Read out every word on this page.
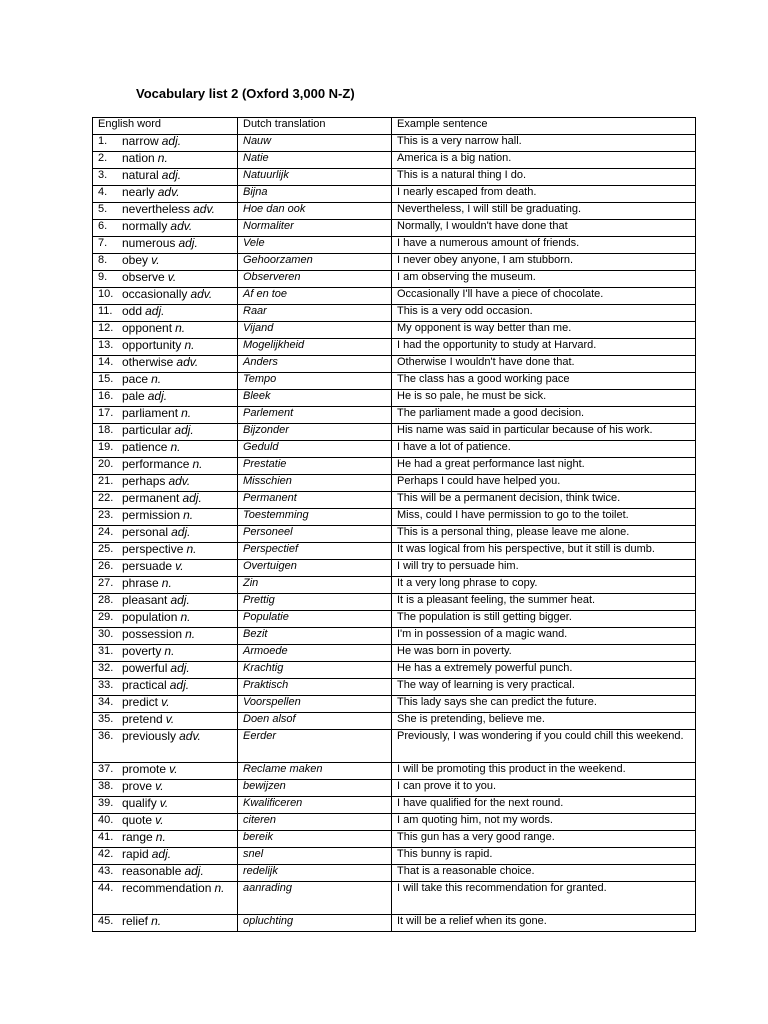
Vocabulary list 2 (Oxford 3,000 N-Z)
English word	Dutch translation	Example sentence

1. narrow adj.	Nauw	This is a very narrow hall.

2. nation n.	Natie	America is a big nation.

3. natural adj.	Natuurlijk	This is a natural thing I do.

4. nearly adv.	Bijna	I nearly escaped from death.

5. nevertheless adv.	Hoe dan ook	Nevertheless, I will still be graduating.

6. normally adv.	Normaliter	Normally, I wouldn't have done that

7. numerous adj.	Vele	I have a numerous amount of friends.

8. obey v.	Gehoorzamen	I never obey anyone, I am stubborn.

9. observe v.	Observeren	I am observing the museum.

10. occasionally adv.	Af en toe	Occasionally I'll have a piece of chocolate.

11. odd adj.	Raar	This is a very odd occasion.

12. opponent n.	Vijand	My opponent is way better than me.

13. opportunity n.	Mogelijkheid	I had the opportunity to study at Harvard.

14. otherwise adv.	Anders	Otherwise I wouldn't have done that.

15. pace n.	Tempo	The class has a good working pace

16. pale adj.	Bleek	He is so pale, he must be sick.

17. parliament n.	Parlement	The parliament made a good decision.

18. particular adj.	Bijzonder	His name was said in particular because of his work.

19. patience n.	Geduld	I have a lot of patience.

20. performance n.	Prestatie	He had a great performance last night.

21. perhaps adv.	Misschien	Perhaps I could have helped you.

22. permanent adj.	Permanent	This will be a permanent decision, think twice.

23. permission n.	Toestemming	Miss, could I have permission to go to the toilet.

24. personal adj.	Personeel	This is a personal thing, please leave me alone.

25. perspective n.	Perspectief	It was logical from his perspective, but it still is dumb.

26. persuade v.	Overtuigen	I will try to persuade him.

27. phrase n.	Zin	It a very long phrase to copy.

28. pleasant adj.	Prettig	It is a pleasant feeling, the summer heat.

29. population n.	Populatie	The population is still getting bigger.

30. possession n.	Bezit	I'm in possession of a magic wand.

31. poverty n.	Armoede	He was born in poverty.

32. powerful adj.	Krachtig	He has a extremely powerful punch.

33. practical adj.	Praktisch	The way of learning is very practical.

34. predict v.	Voorspellen	This lady says she can predict the future.

35. pretend v.	Doen alsof	She is pretending, believe me.

36. previously adv.	Eerder	Previously, I was wondering if you could chill this weekend.

37. promote v.	Reclame maken	I will be promoting this product in the weekend.

38. prove v.	bewijzen	I can prove it to you.

39. qualify v.	Kwalificeren	I have qualified for the next round.

40. quote v.	citeren	I am quoting him, not my words.

41. range n.	bereik	This gun has a very good range.

42. rapid adj.	snel	This bunny is rapid.

43. reasonable adj.	redelijk	That is a reasonable choice.

44. recommendation n.	aanrading	I will take this recommendation for granted.

45. relief n.	opluchting	It will be a relief when its gone.
